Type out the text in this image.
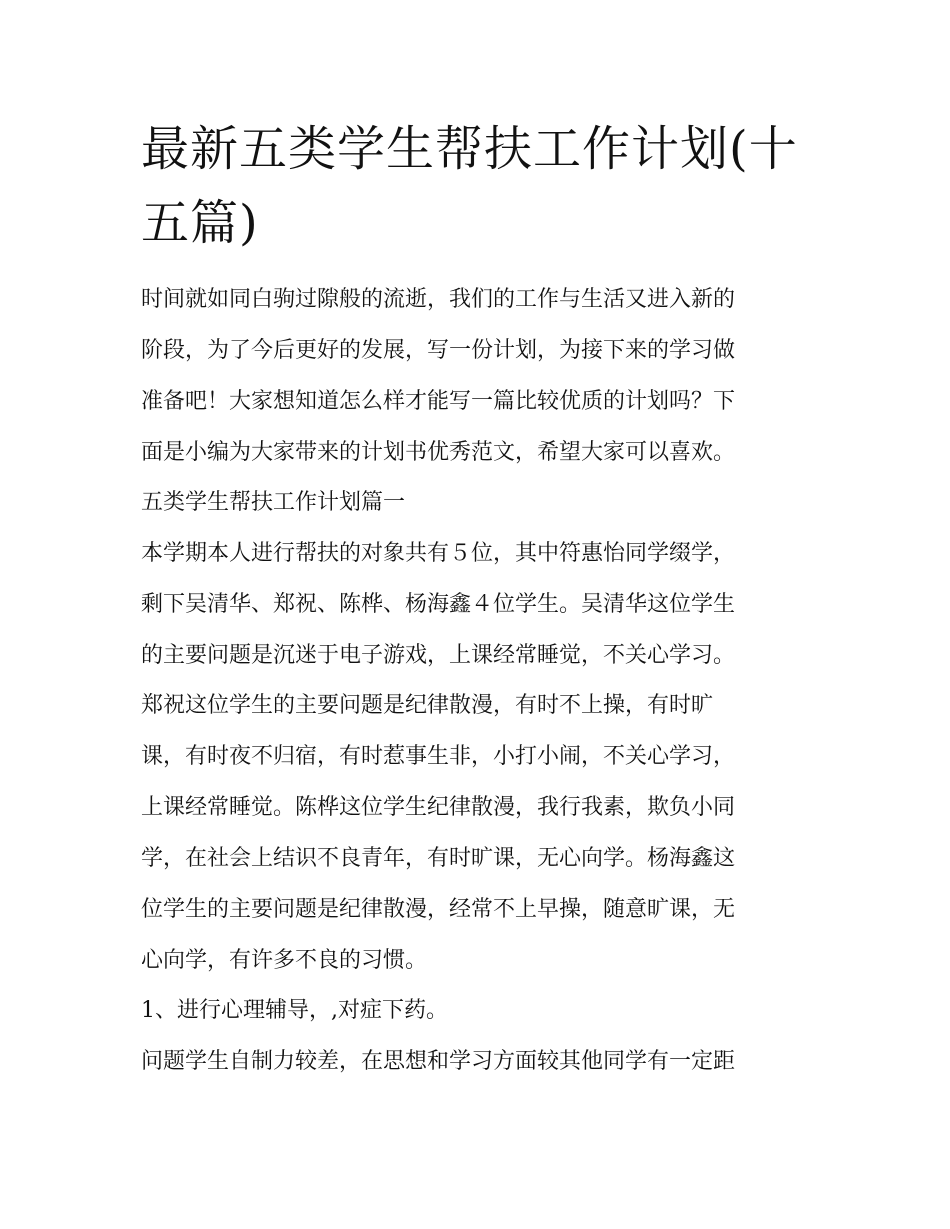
最新五类学生帮扶工作计划(十
五篇)

时间就如同白驹过隙般的流逝，我们的工作与生活又进入新的

阶段，为了今后更好的发展，写一份计划，为接下来的学习做

准备吧！大家想知道怎么样才能写一篇比较优质的计划吗？下

面是小编为大家带来的计划书优秀范文，希望大家可以喜欢。

五类学生帮扶工作计划篇一

本学期本人进行帮扶的对象共有５位，其中符惠怡同学缀学，

剩下吴清华、郑祝、陈桦、杨海鑫４位学生。吴清华这位学生

的主要问题是沉迷于电子游戏，上课经常睡觉，不关心学习。

郑祝这位学生的主要问题是纪律散漫，有时不上操，有时旷

课，有时夜不归宿，有时惹事生非，小打小闹，不关心学习，

上课经常睡觉。陈桦这位学生纪律散漫，我行我素，欺负小同

学，在社会上结识不良青年，有时旷课，无心向学。杨海鑫这

位学生的主要问题是纪律散漫，经常不上早操，随意旷课，无

心向学，有许多不良的习惯。

1、进行心理辅导，,对症下药。

问题学生自制力较差，在思想和学习方面较其他同学有一定距
